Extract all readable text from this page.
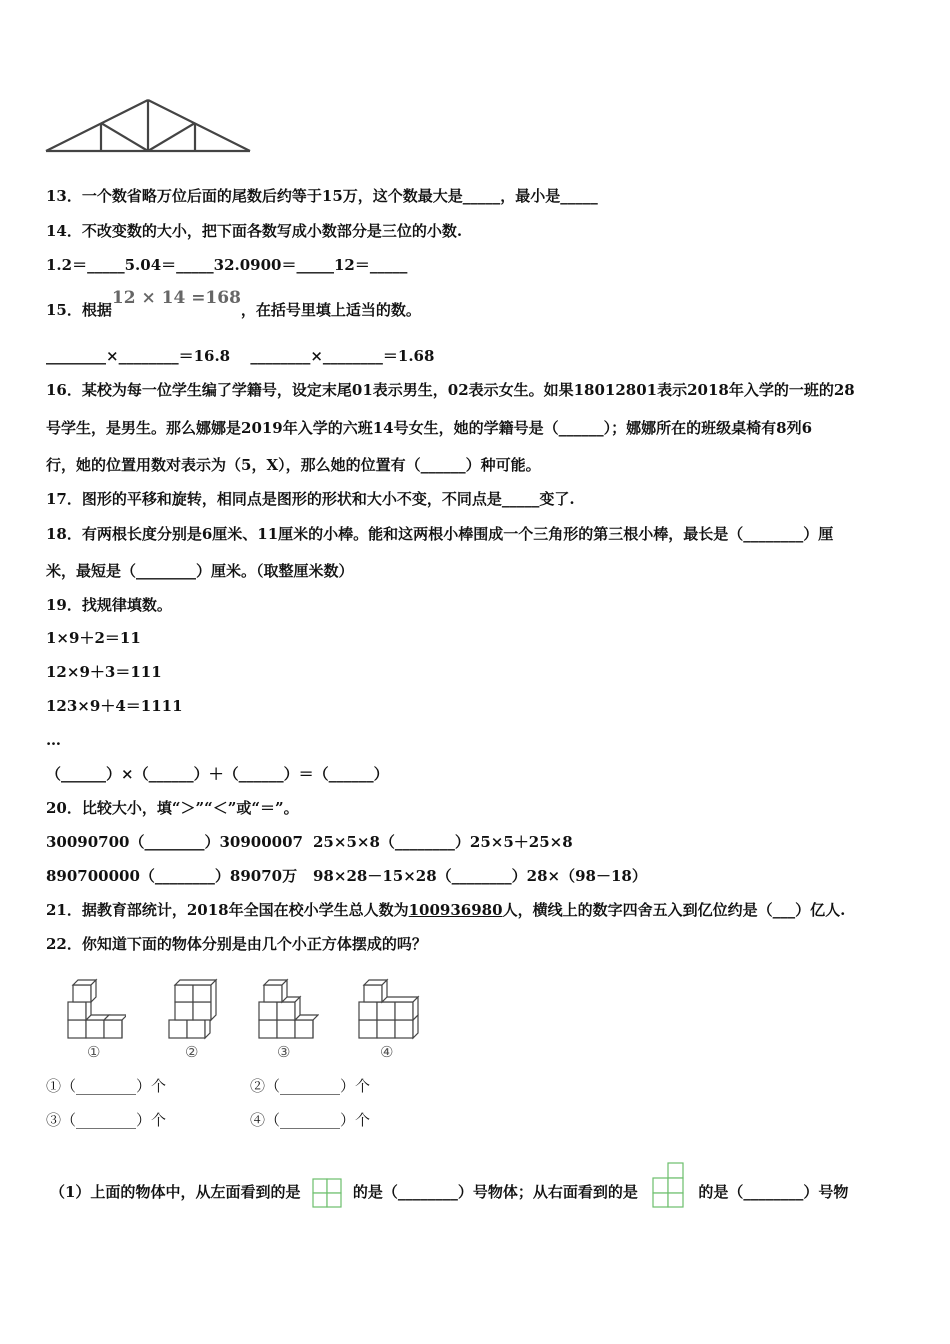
13．一个数省略万位后面的尾数后约等于15万，这个数最大是_____，最小是_____
14．不改变数的大小，把下面各数写成小数部分是三位的小数.
1.2＝_____5.04＝_____32.0900＝_____12＝_____
15．根据12 × 14 =168，在括号里填上适当的数。
________×________＝16.8　 ________×________＝1.68
16．某校为每一位学生编了学籍号，设定末尾01表示男生，02表示女生。如果18012801表示2018年入学的一班的28
号学生，是男生。那么娜娜是2019年入学的六班14号女生，她的学籍号是（______）；娜娜所在的班级桌椅有8列6
行，她的位置用数对表示为（5，X），那么她的位置有（______）种可能。
17．图形的平移和旋转，相同点是图形的形状和大小不变，不同点是_____变了.
18．有两根长度分别是6厘米、11厘米的小棒。能和这两根小棒围成一个三角形的第三根小棒，最长是（________）厘
米，最短是（________）厘米。（取整厘米数）
19．找规律填数。
1×9＋2＝11
12×9＋3＝111
123×9＋4＝1111
…
（______）×（______）＋（______）＝（______）
20．比较大小，填“＞”“＜”或“＝”。
30090700（________）30900007 25×5×8（________）25×5＋25×8
890700000（________）89070万 98×28－15×28（________）28×（98－18）
21．据教育部统计，2018年全国在校小学生总人数为100936980人，横线上的数字四舍五入到亿位约是（___）亿人.
22．你知道下面的物体分别是由几个小正方体摆成的吗？
①	②	③	④
①（________）个	②（________）个
③（________）个	④（________）个
（1）上面的物体中，从左面看到的是	的是（________）号物体；从右面看到的是	的是（________）号物
